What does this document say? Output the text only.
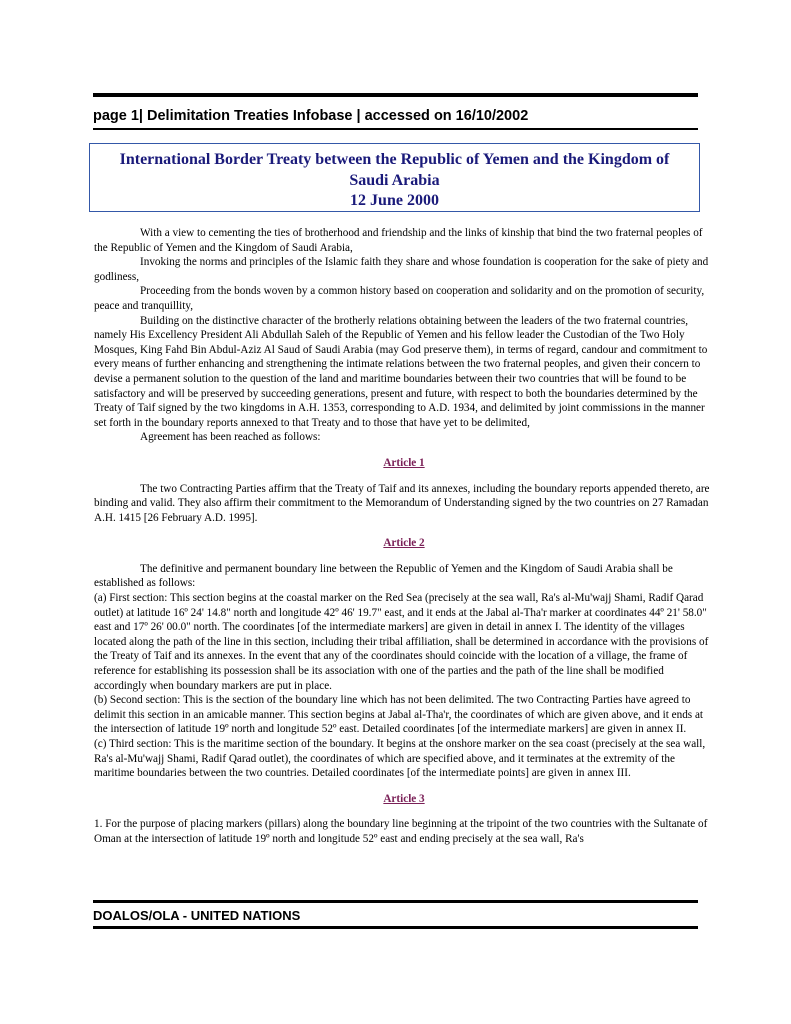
page 1| Delimitation Treaties Infobase | accessed on 16/10/2002
International Border Treaty between the Republic of Yemen and the Kingdom of
Saudi Arabia
12 June 2000

With a view to cementing the ties of brotherhood and friendship and the links of kinship that bind the two fraternal peoples of the Republic of Yemen and the Kingdom of Saudi Arabia,

Invoking the norms and principles of the Islamic faith they share and whose foundation is cooperation for the sake of piety and godliness,

Proceeding from the bonds woven by a common history based on cooperation and solidarity and on the promotion of security, peace and tranquillity,

Building on the distinctive character of the brotherly relations obtaining between the leaders of the two fraternal countries, namely His Excellency President Ali Abdullah Saleh of the Republic of Yemen and his fellow leader the Custodian of the Two Holy Mosques, King Fahd Bin Abdul-Aziz Al Saud of Saudi Arabia (may God preserve them), in terms of regard, candour and commitment to every means of further enhancing and strengthening the intimate relations between the two fraternal peoples, and given their concern to devise a permanent solution to the question of the land and maritime boundaries between their two countries that will be found to be satisfactory and will be preserved by succeeding generations, present and future, with respect to both the boundaries determined by the Treaty of Taif signed by the two kingdoms in A.H. 1353, corresponding to A.D. 1934, and delimited by joint commissions in the manner set forth in the boundary reports annexed to that Treaty and to those that have yet to be delimited,

Agreement has been reached as follows:

Article 1

The two Contracting Parties affirm that the Treaty of Taif and its annexes, including the boundary reports appended thereto, are binding and valid. They also affirm their commitment to the Memorandum of Understanding signed by the two countries on 27 Ramadan A.H. 1415 [26 February A.D. 1995].

Article 2

The definitive and permanent boundary line between the Republic of Yemen and the Kingdom of Saudi Arabia shall be established as follows:

(a) First section: This section begins at the coastal marker on the Red Sea (precisely at the sea wall, Ra's al-Mu'wajj Shami, Radif Qarad outlet) at latitude 16º 24' 14.8" north and longitude 42º 46' 19.7" east, and it ends at the Jabal al-Tha'r marker at coordinates 44º 21' 58.0" east and 17º 26' 00.0" north. The coordinates [of the intermediate markers] are given in detail in annex I. The identity of the villages located along the path of the line in this section, including their tribal affiliation, shall be determined in accordance with the provisions of the Treaty of Taif and its annexes. In the event that any of the coordinates should coincide with the location of a village, the frame of reference for establishing its possession shall be its association with one of the parties and the path of the line shall be modified accordingly when boundary markers are put in place.

(b) Second section: This is the section of the boundary line which has not been delimited. The two Contracting Parties have agreed to delimit this section in an amicable manner. This section begins at Jabal al-Tha'r, the coordinates of which are given above, and it ends at the intersection of latitude 19º north and longitude 52º east. Detailed coordinates [of the intermediate markers] are given in annex II.

(c) Third section: This is the maritime section of the boundary. It begins at the onshore marker on the sea coast (precisely at the sea wall, Ra's al-Mu'wajj Shami, Radif Qarad outlet), the coordinates of which are specified above, and it terminates at the extremity of the maritime boundaries between the two countries. Detailed coordinates [of the intermediate points] are given in annex III.

Article 3

1. For the purpose of placing markers (pillars) along the boundary line beginning at the tripoint of the two countries with the Sultanate of Oman at the intersection of latitude 19º north and longitude 52º east and ending precisely at the sea wall, Ra's

DOALOS/OLA - UNITED NATIONS
